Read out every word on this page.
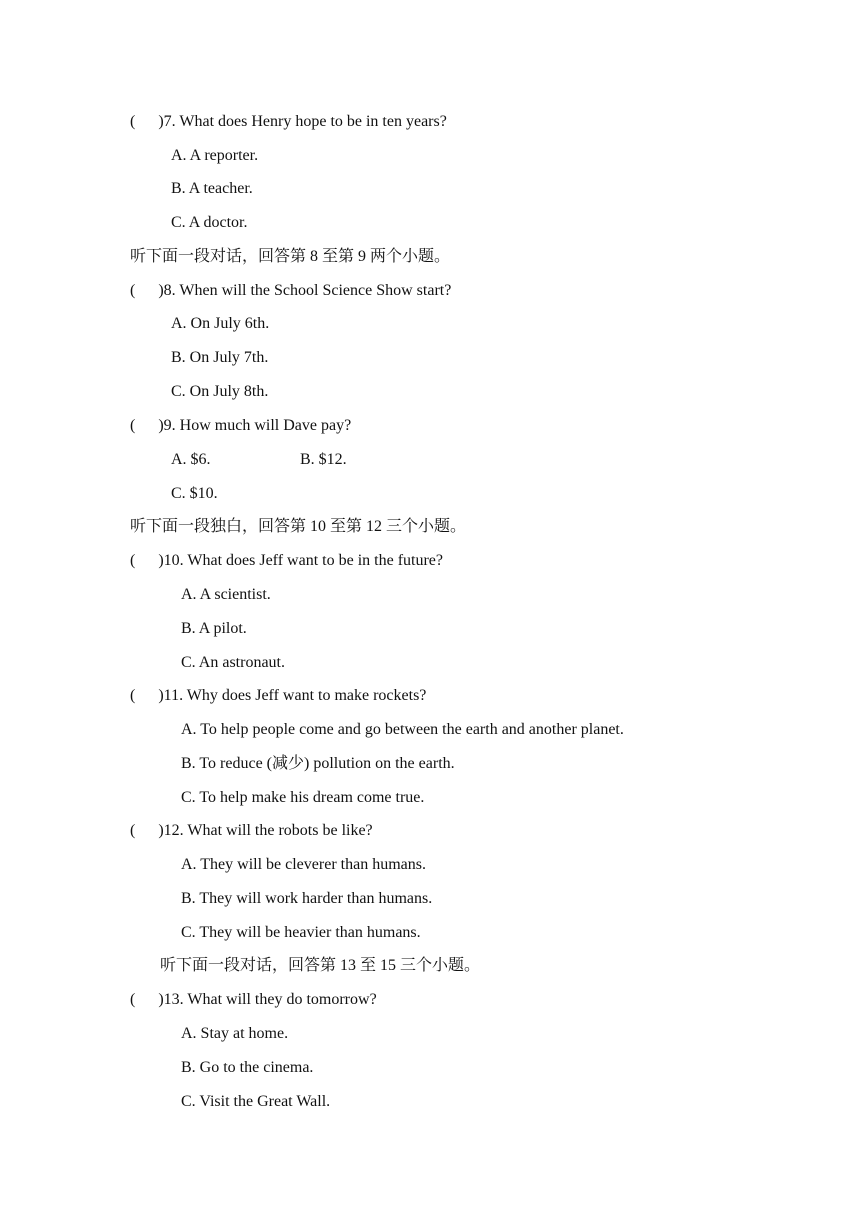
( )7. What does Henry hope to be in ten years?
A. A reporter.
B. A teacher.
C. A doctor.
听下面一段对话，回答第 8 至第 9 两个小题。
( )8. When will the School Science Show start?
A. On July 6th.
B. On July 7th.
C. On July 8th.
( )9. How much will Dave pay?
A. $6.	B. $12.
C. $10.
听下面一段独白，回答第 10 至第 12 三个小题。
( )10. What does Jeff want to be in the future?
A. A scientist.
B. A pilot.
C. An astronaut.
( )11. Why does Jeff want to make rockets?
A. To help people come and go between the earth and another planet.
B. To reduce (减少) pollution on the earth.
C. To help make his dream come true.
( )12. What will the robots be like?
A. They will be cleverer than humans.
B. They will work harder than humans.
C. They will be heavier than humans.
听下面一段对话，回答第 13 至 15 三个小题。
( )13. What will they do tomorrow?
A. Stay at home.
B. Go to the cinema.
C. Visit the Great Wall.
